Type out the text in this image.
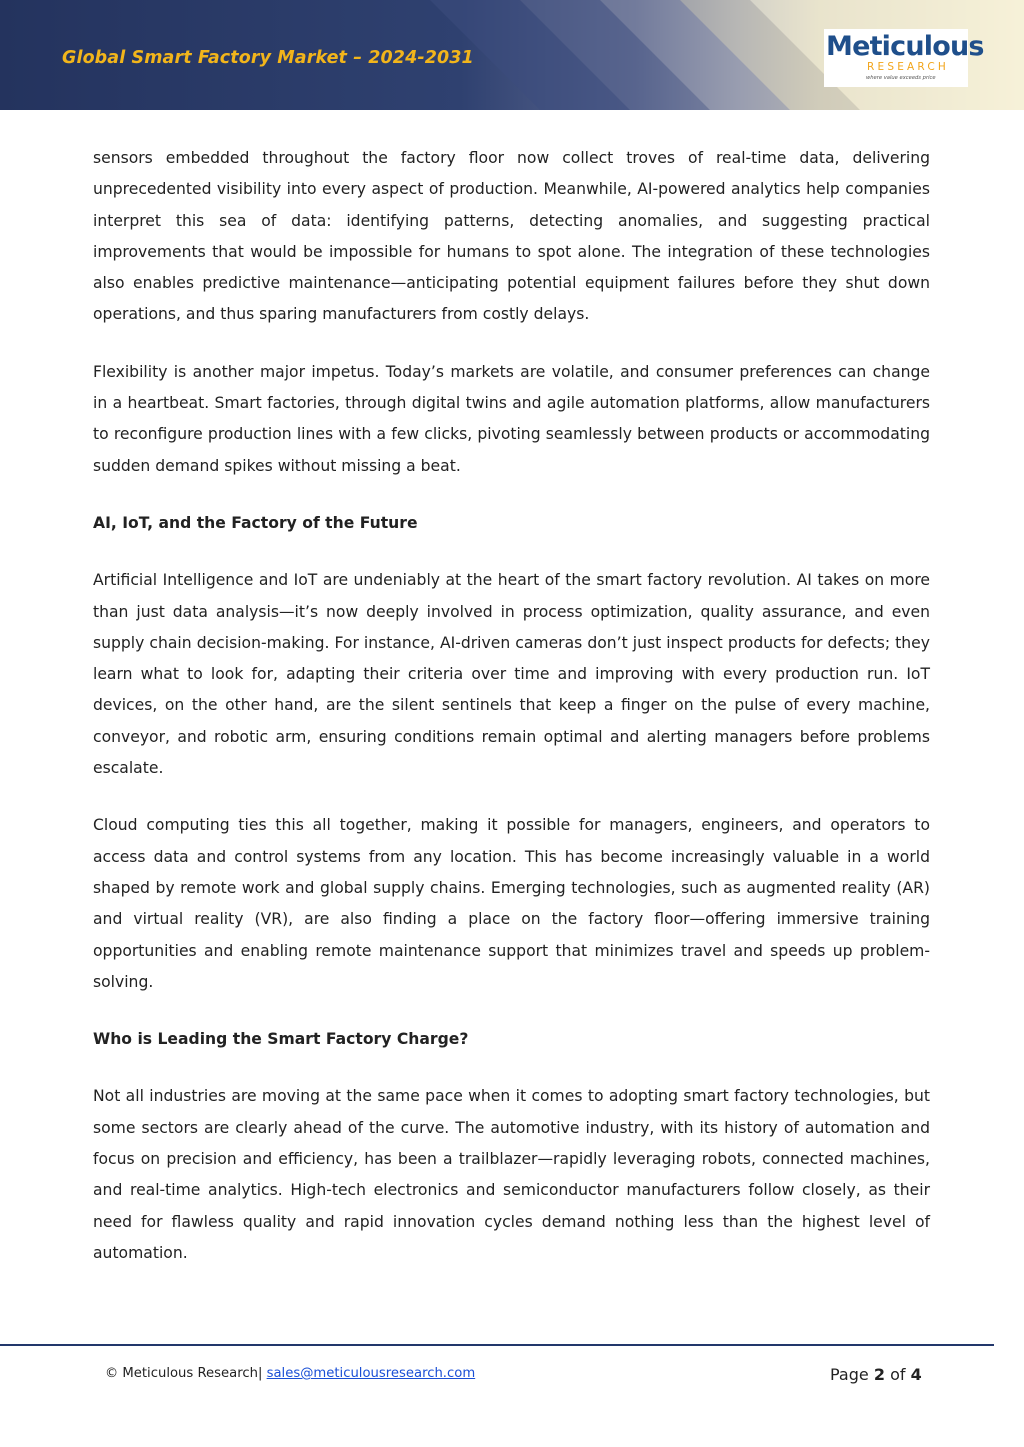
Global Smart Factory Market – 2024-2031	Meticulous
RESEARCH
where value exceeds price

sensors embedded throughout the factory floor now collect troves of real-time data, delivering unprecedented visibility into every aspect of production. Meanwhile, AI-powered analytics help companies interpret this sea of data: identifying patterns, detecting anomalies, and suggesting practical improvements that would be impossible for humans to spot alone. The integration of these technologies also enables predictive maintenance—anticipating potential equipment failures before they shut down operations, and thus sparing manufacturers from costly delays.

Flexibility is another major impetus. Today’s markets are volatile, and consumer preferences can change in a heartbeat. Smart factories, through digital twins and agile automation platforms, allow manufacturers to reconfigure production lines with a few clicks, pivoting seamlessly between products or accommodating sudden demand spikes without missing a beat.

AI, IoT, and the Factory of the Future

Artificial Intelligence and IoT are undeniably at the heart of the smart factory revolution. AI takes on more than just data analysis—it’s now deeply involved in process optimization, quality assurance, and even supply chain decision-making. For instance, AI-driven cameras don’t just inspect products for defects; they learn what to look for, adapting their criteria over time and improving with every production run. IoT devices, on the other hand, are the silent sentinels that keep a finger on the pulse of every machine, conveyor, and robotic arm, ensuring conditions remain optimal and alerting managers before problems escalate.

Cloud computing ties this all together, making it possible for managers, engineers, and operators to access data and control systems from any location. This has become increasingly valuable in a world shaped by remote work and global supply chains. Emerging technologies, such as augmented reality (AR) and virtual reality (VR), are also finding a place on the factory floor—offering immersive training opportunities and enabling remote maintenance support that minimizes travel and speeds up problem-solving.

Who is Leading the Smart Factory Charge?

Not all industries are moving at the same pace when it comes to adopting smart factory technologies, but some sectors are clearly ahead of the curve. The automotive industry, with its history of automation and focus on precision and efficiency, has been a trailblazer—rapidly leveraging robots, connected machines, and real-time analytics. High-tech electronics and semiconductor manufacturers follow closely, as their need for flawless quality and rapid innovation cycles demand nothing less than the highest level of automation.

© Meticulous Research| sales@meticulousresearch.com	Page 2 of 4
